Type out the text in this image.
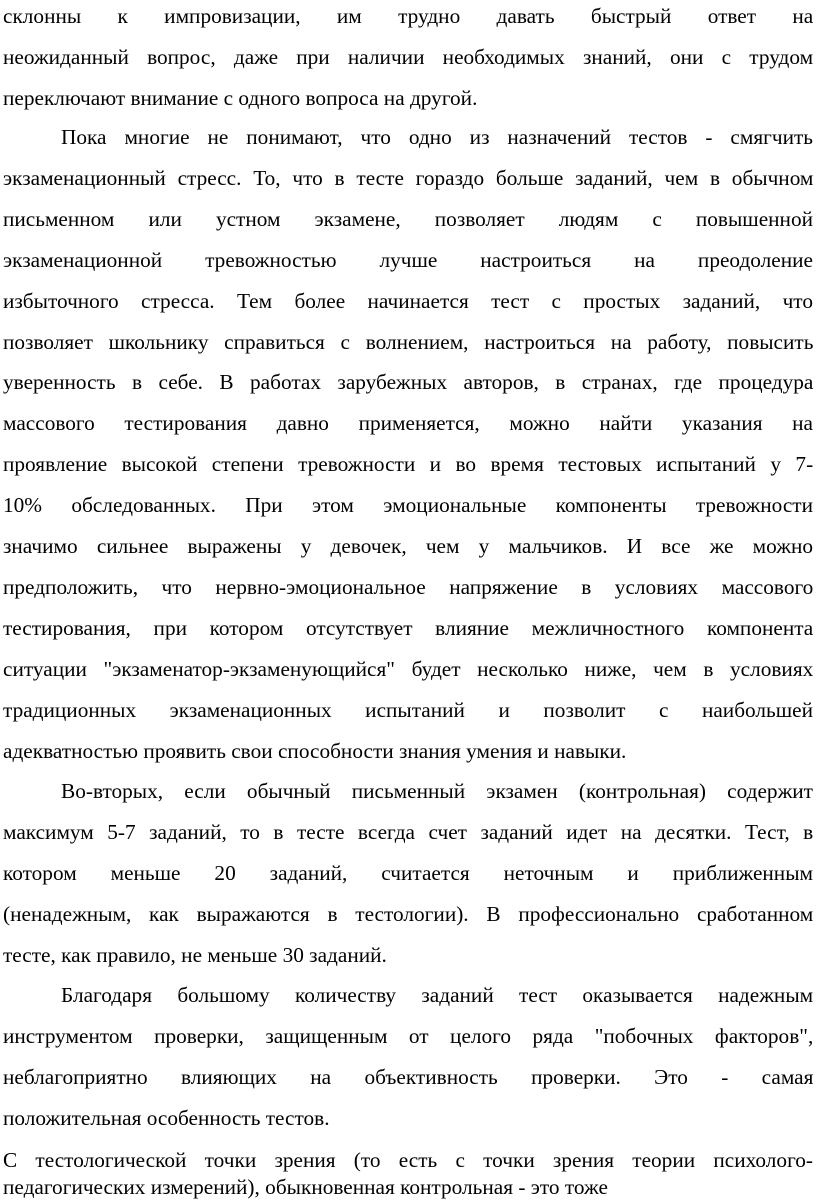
склонны к импровизации, им трудно давать быстрый ответ на
неожиданный вопрос, даже при наличии необходимых знаний, они с трудом
переключают внимание с одного вопроса на другой.

Пока многие не понимают, что одно из назначений тестов - смягчить
экзаменационный стресс. То, что в тесте гораздо больше заданий, чем в обычном
письменном или устном экзамене, позволяет людям с повышенной
экзаменационной тревожностью лучше настроиться на преодоление
избыточного стресса. Тем более начинается тест с простых заданий, что
позволяет школьнику справиться с волнением, настроиться на работу, повысить
уверенность в себе. В работах зарубежных авторов, в странах, где процедура
массового тестирования давно применяется, можно найти указания на
проявление высокой степени тревожности и во время тестовых испытаний у 7-
10% обследованных. При этом эмоциональные компоненты тревожности
значимо сильнее выражены у девочек, чем у мальчиков. И все же можно
предположить, что нервно-эмоциональное напряжение в условиях массового
тестирования, при котором отсутствует влияние межличностного компонента
ситуации "экзаменатор-экзаменующийся" будет несколько ниже, чем в условиях
традиционных экзаменационных испытаний и позволит с наибольшей
адекватностью проявить свои способности знания умения и навыки.

Во-вторых, если обычный письменный экзамен (контрольная) содержит
максимум 5-7 заданий, то в тесте всегда счет заданий идет на десятки. Тест, в
котором меньше 20 заданий, считается неточным и приближенным
(ненадежным, как выражаются в тестологии). В профессионально сработанном
тесте, как правило, не меньше 30 заданий.

Благодаря большому количеству заданий тест оказывается надежным
инструментом проверки, защищенным от целого ряда "побочных факторов",
неблагоприятно влияющих на объективность проверки. Это - самая
положительная особенность тестов.

С тестологической точки зрения (то есть с точки зрения теории психолого-
педагогических измерений), обыкновенная контрольная - это тоже
